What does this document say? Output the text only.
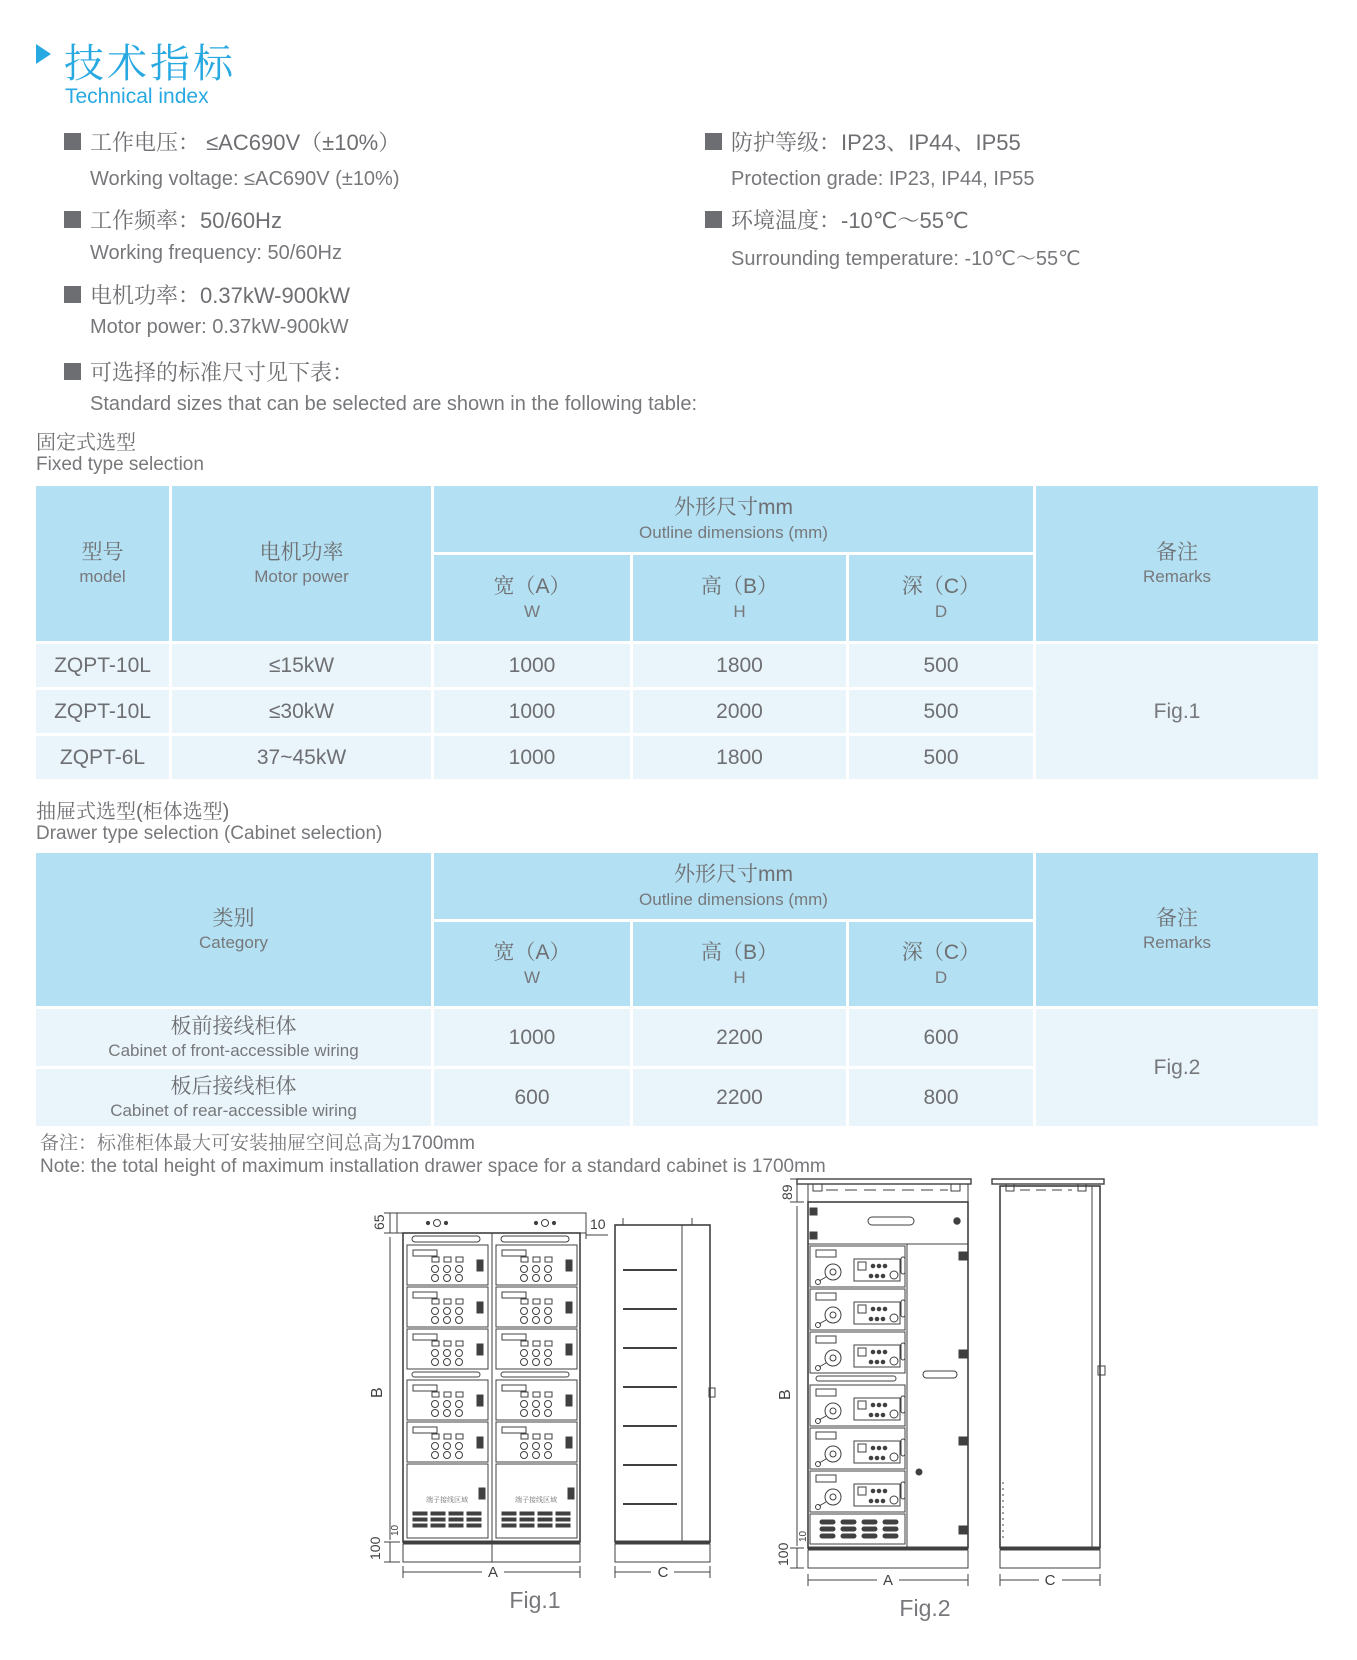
技术指标
Technical index
工作电压： ≤AC690V（±10%）
Working voltage: ≤AC690V (±10%)
工作频率：50/60Hz
Working frequency: 50/60Hz
电机功率：0.37kW-900kW
Motor power: 0.37kW-900kW
防护等级：IP23、IP44、IP55
Protection grade: IP23, IP44, IP55
环境温度：-10℃～55℃
Surrounding temperature: -10℃～55℃
可选择的标准尺寸见下表：
Standard sizes that can be selected are shown in the following table:
固定式选型
Fixed type selection
型号
model
电机功率
Motor power
外形尺寸mm
Outline dimensions (mm)
备注
Remarks
宽（A）
W
高（B）
H
深（C）
D
ZQPT-10L	≤15kW	1000	1800	500
Fig.1
ZQPT-10L	≤30kW	1000	2000	500
ZQPT-6L	37~45kW	1000	1800	500
抽屉式选型(柜体选型)
Drawer type selection (Cabinet selection)
类别
Category
外形尺寸mm
Outline dimensions (mm)
备注
Remarks
宽（A）
W
高（B）
H
深（C）
D
板前接线柜体
Cabinet of front-accessible wiring
1000	2200	600
Fig.2
板后接线柜体
Cabinet of rear-accessible wiring
600	2200	800
备注：标准柜体最大可安装抽屉空间总高为1700mm
Note: the total height of maximum installation drawer space for a standard cabinet is 1700mm
65	10
B
10
100
A	C
端子接线区域	端子接线区域
Fig.1
89
B
10
100
A	C
Fig.2
